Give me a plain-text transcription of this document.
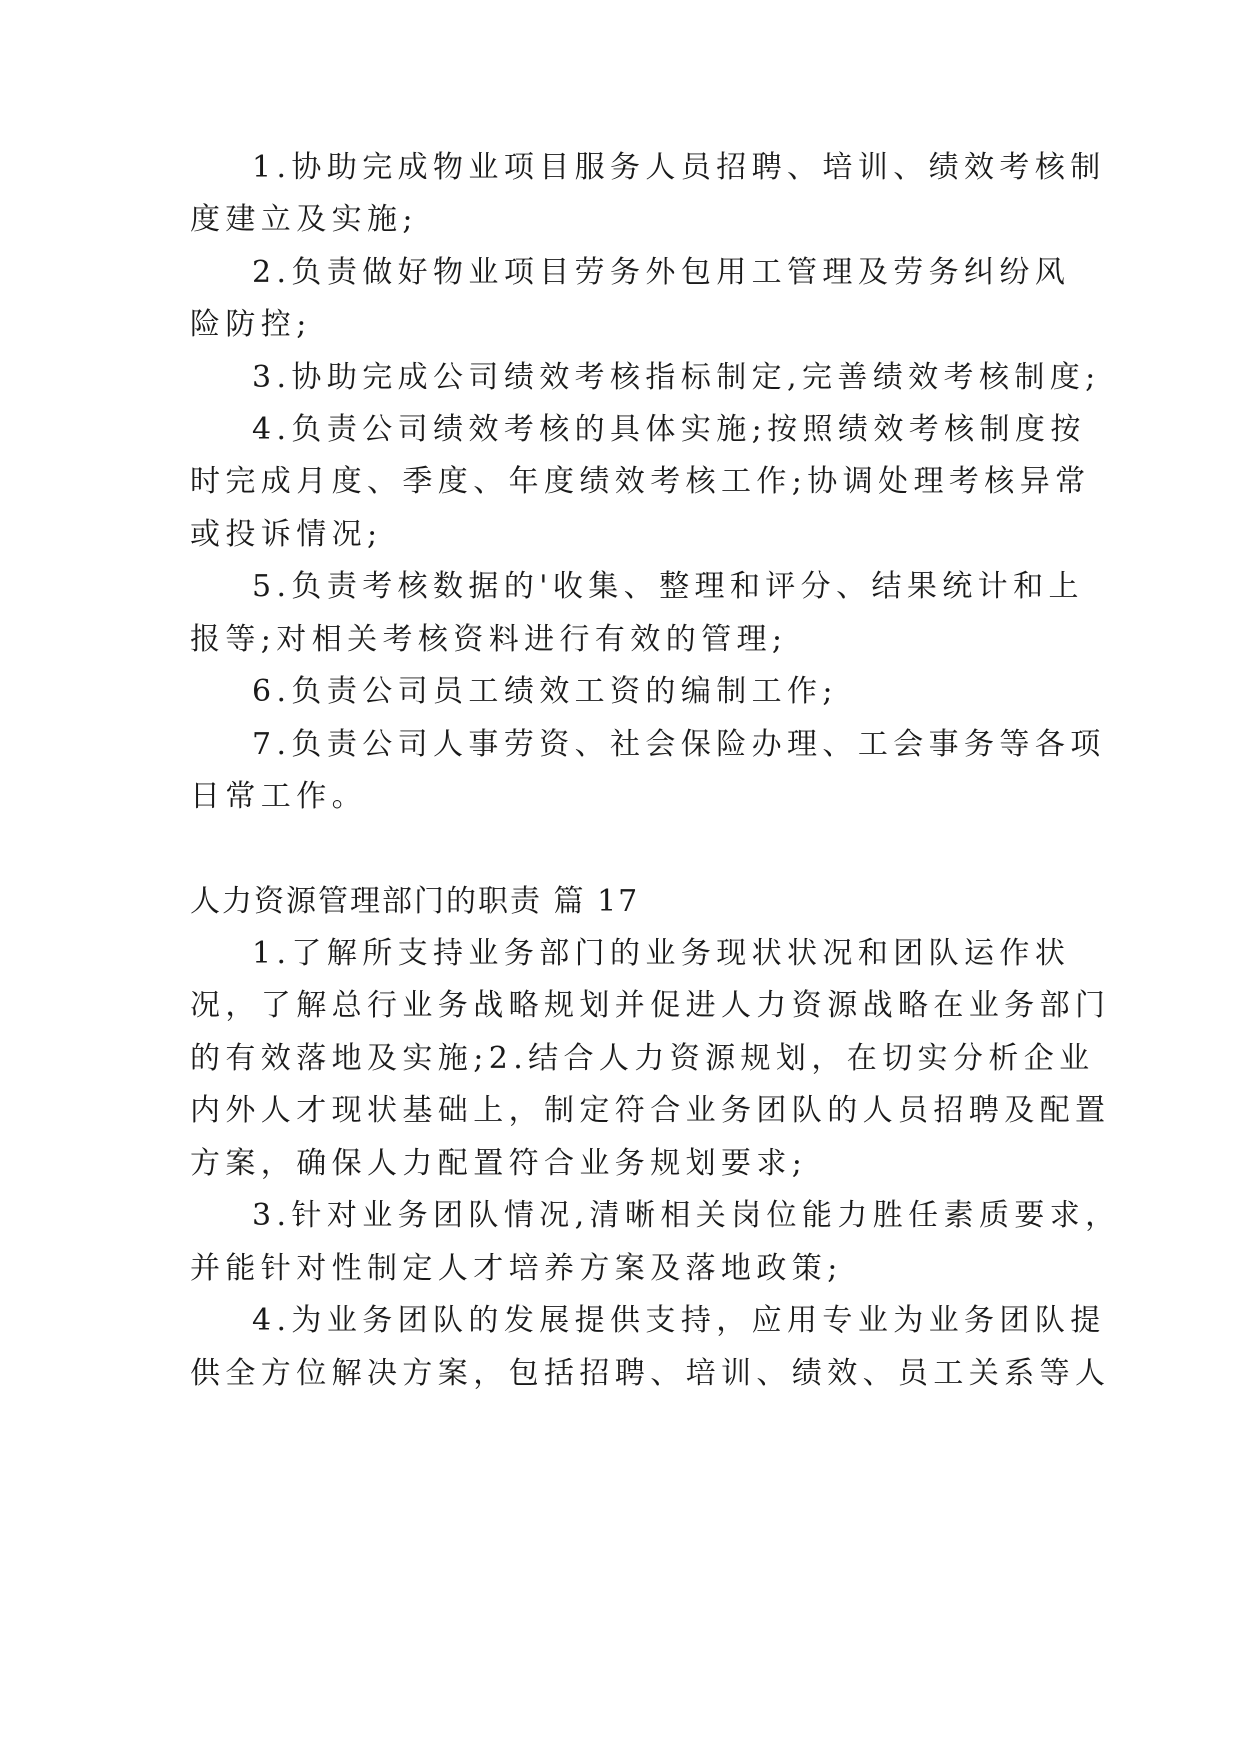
1.协助完成物业项目服务人员招聘、培训、绩效考核制
度建立及实施;
2.负责做好物业项目劳务外包用工管理及劳务纠纷风
险防控;
3.协助完成公司绩效考核指标制定,完善绩效考核制度;
4.负责公司绩效考核的具体实施;按照绩效考核制度按
时完成月度、季度、年度绩效考核工作;协调处理考核异常
或投诉情况;
5.负责考核数据的'收集、整理和评分、结果统计和上
报等;对相关考核资料进行有效的管理;
6.负责公司员工绩效工资的编制工作;
7.负责公司人事劳资、社会保险办理、工会事务等各项
日常工作。
人力资源管理部门的职责 篇 17
1.了解所支持业务部门的业务现状状况和团队运作状
况，了解总行业务战略规划并促进人力资源战略在业务部门
的有效落地及实施;2.结合人力资源规划，在切实分析企业
内外人才现状基础上，制定符合业务团队的人员招聘及配置
方案，确保人力配置符合业务规划要求;
3.针对业务团队情况,清晰相关岗位能力胜任素质要求，
并能针对性制定人才培养方案及落地政策;
4.为业务团队的发展提供支持，应用专业为业务团队提
供全方位解决方案，包括招聘、培训、绩效、员工关系等人
